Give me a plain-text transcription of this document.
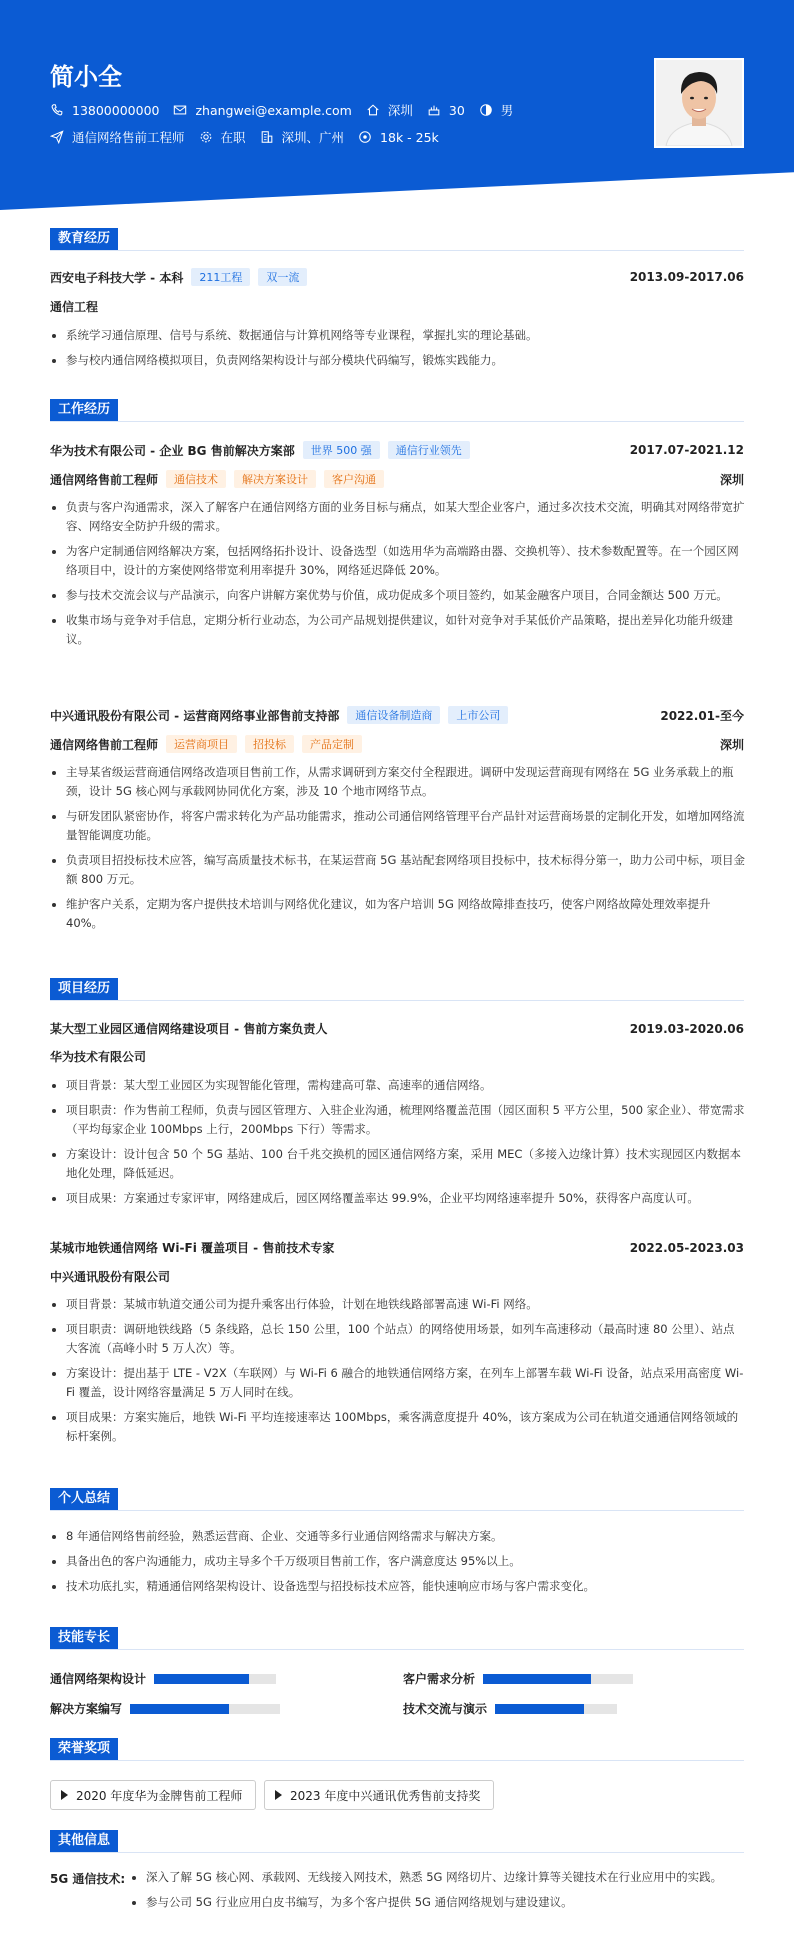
简小全
13800000000	zhangwei@example.com	深圳	30	男
通信网络售前工程师	在职	深圳、广州	18k - 25k
教育经历
西安电子科技大学 - 本科	211工程	双一流	2013.09-2017.06
通信工程
系统学习通信原理、信号与系统、数据通信与计算机网络等专业课程，掌握扎实的理论基础。
参与校内通信网络模拟项目，负责网络架构设计与部分模块代码编写，锻炼实践能力。
工作经历
华为技术有限公司 - 企业 BG 售前解决方案部	世界 500 强	通信行业领先	2017.07-2021.12
通信网络售前工程师	通信技术	解决方案设计	客户沟通	深圳
负责与客户沟通需求，深入了解客户在通信网络方面的业务目标与痛点，如某大型企业客户，通过多次技术交流，明确其对网络带宽扩容、网络安全防护升级的需求。
为客户定制通信网络解决方案，包括网络拓扑设计、设备选型（如选用华为高端路由器、交换机等）、技术参数配置等。在一个园区网络项目中，设计的方案使网络带宽利用率提升 30%，网络延迟降低 20%。
参与技术交流会议与产品演示，向客户讲解方案优势与价值，成功促成多个项目签约，如某金融客户项目，合同金额达 500 万元。
收集市场与竞争对手信息，定期分析行业动态，为公司产品规划提供建议，如针对竞争对手某低价产品策略，提出差异化功能升级建议。
中兴通讯股份有限公司 - 运营商网络事业部售前支持部	通信设备制造商	上市公司	2022.01-至今
通信网络售前工程师	运营商项目	招投标	产品定制	深圳
主导某省级运营商通信网络改造项目售前工作，从需求调研到方案交付全程跟进。调研中发现运营商现有网络在 5G 业务承载上的瓶颈，设计 5G 核心网与承载网协同优化方案，涉及 10 个地市网络节点。
与研发团队紧密协作，将客户需求转化为产品功能需求，推动公司通信网络管理平台产品针对运营商场景的定制化开发，如增加网络流量智能调度功能。
负责项目招投标技术应答，编写高质量技术标书，在某运营商 5G 基站配套网络项目投标中，技术标得分第一，助力公司中标，项目金额 800 万元。
维护客户关系，定期为客户提供技术培训与网络优化建议，如为客户培训 5G 网络故障排查技巧，使客户网络故障处理效率提升 40%。
项目经历
某大型工业园区通信网络建设项目 - 售前方案负责人	2019.03-2020.06
华为技术有限公司
项目背景：某大型工业园区为实现智能化管理，需构建高可靠、高速率的通信网络。
项目职责：作为售前工程师，负责与园区管理方、入驻企业沟通，梳理网络覆盖范围（园区面积 5 平方公里，500 家企业）、带宽需求（平均每家企业 100Mbps 上行，200Mbps 下行）等需求。
方案设计：设计包含 50 个 5G 基站、100 台千兆交换机的园区通信网络方案，采用 MEC（多接入边缘计算）技术实现园区内数据本地化处理，降低延迟。
项目成果：方案通过专家评审，网络建成后，园区网络覆盖率达 99.9%，企业平均网络速率提升 50%，获得客户高度认可。
某城市地铁通信网络 Wi-Fi 覆盖项目 - 售前技术专家	2022.05-2023.03
中兴通讯股份有限公司
项目背景：某城市轨道交通公司为提升乘客出行体验，计划在地铁线路部署高速 Wi-Fi 网络。
项目职责：调研地铁线路（5 条线路，总长 150 公里，100 个站点）的网络使用场景，如列车高速移动（最高时速 80 公里）、站点大客流（高峰小时 5 万人次）等。
方案设计：提出基于 LTE - V2X（车联网）与 Wi-Fi 6 融合的地铁通信网络方案，在列车上部署车载 Wi-Fi 设备，站点采用高密度 Wi-Fi 覆盖，设计网络容量满足 5 万人同时在线。
项目成果：方案实施后，地铁 Wi-Fi 平均连接速率达 100Mbps，乘客满意度提升 40%，该方案成为公司在轨道交通通信网络领域的标杆案例。
个人总结
8 年通信网络售前经验，熟悉运营商、企业、交通等多行业通信网络需求与解决方案。
具备出色的客户沟通能力，成功主导多个千万级项目售前工作，客户满意度达 95%以上。
技术功底扎实，精通通信网络架构设计、设备选型与招投标技术应答，能快速响应市场与客户需求变化。
技能专长
通信网络架构设计	客户需求分析
解决方案编写	技术交流与演示
荣誉奖项
2020 年度华为金牌售前工程师	2023 年度中兴通讯优秀售前支持奖
其他信息
5G 通信技术:	深入了解 5G 核心网、承载网、无线接入网技术，熟悉 5G 网络切片、边缘计算等关键技术在行业应用中的实践。
参与公司 5G 行业应用白皮书编写，为多个客户提供 5G 通信网络规划与建设建议。
